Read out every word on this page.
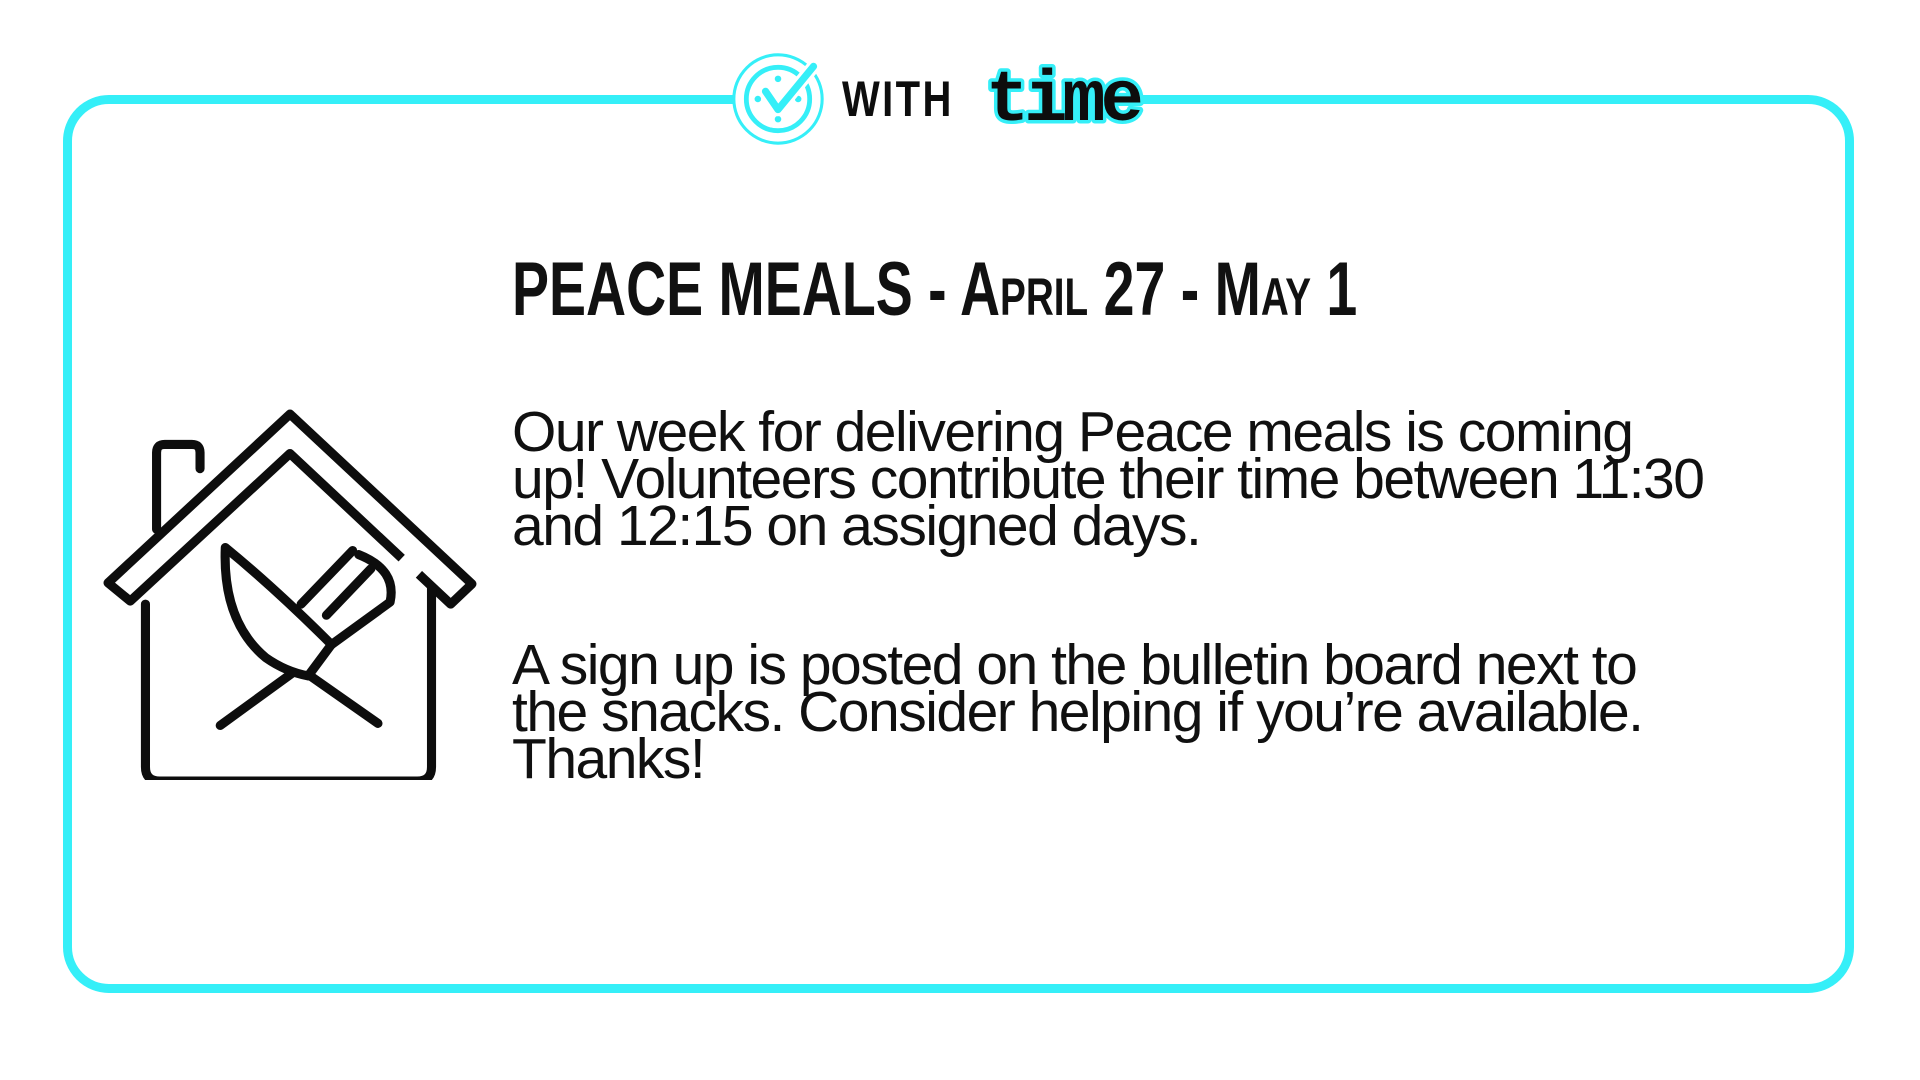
WITH time
PEACE MEALS - April 27 - May 1
Our week for delivering Peace meals is coming
up! Volunteers contribute their time between 11:30
and 12:15 on assigned days.
A sign up is posted on the bulletin board next to
the snacks. Consider helping if you’re available.
Thanks!
